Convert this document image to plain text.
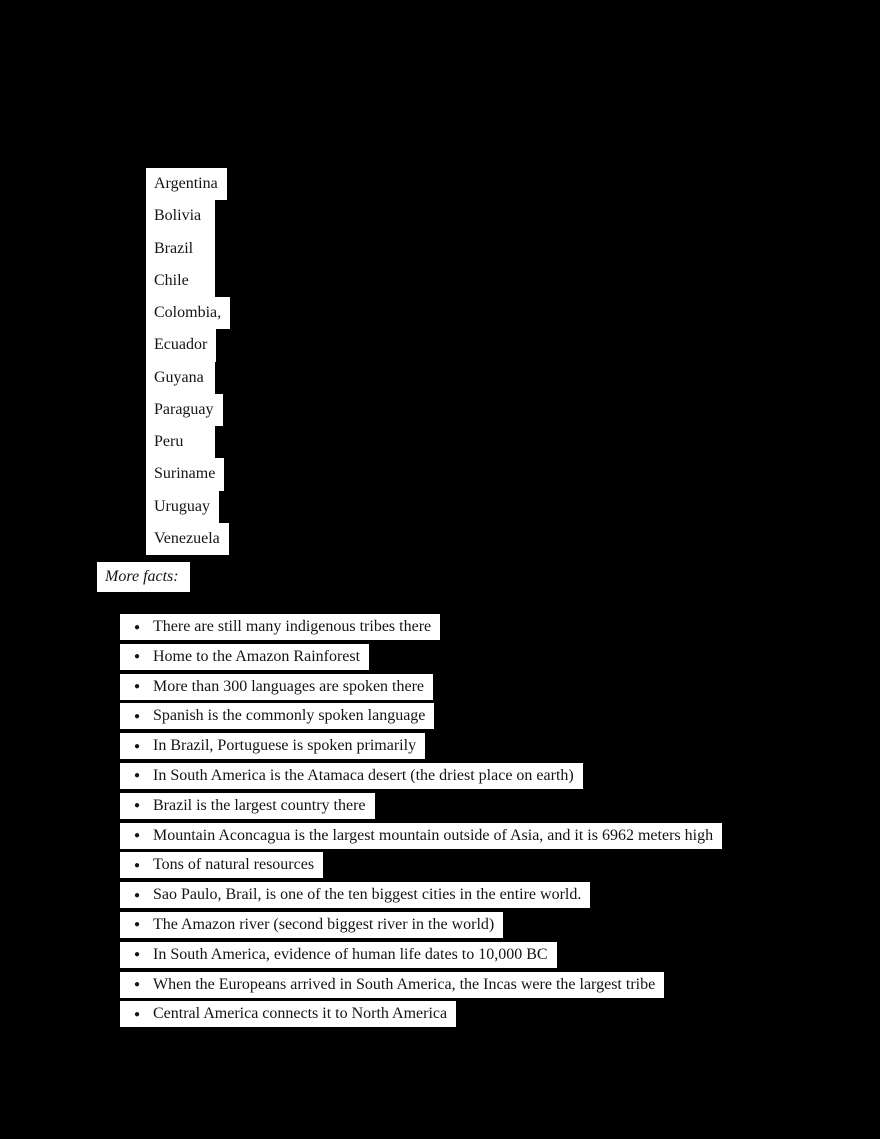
Argentina
Bolivia
Brazil
Chile
Colombia,
Ecuador
Guyana
Paraguay
Peru
Suriname
Uruguay
Venezuela
More facts:
● There are still many indigenous tribes there
● Home to the Amazon Rainforest
● More than 300 languages are spoken there
● Spanish is the commonly spoken language
● In Brazil, Portuguese is spoken primarily
● In South America is the Atamaca desert (the driest place on earth)
● Brazil is the largest country there
● Mountain Aconcagua is the largest mountain outside of Asia, and it is 6962 meters high
● Tons of natural resources
● Sao Paulo, Brail, is one of the ten biggest cities in the entire world.
● The Amazon river (second biggest river in the world)
● In South America, evidence of human life dates to 10,000 BC
● When the Europeans arrived in South America, the Incas were the largest tribe
● Central America connects it to North America
